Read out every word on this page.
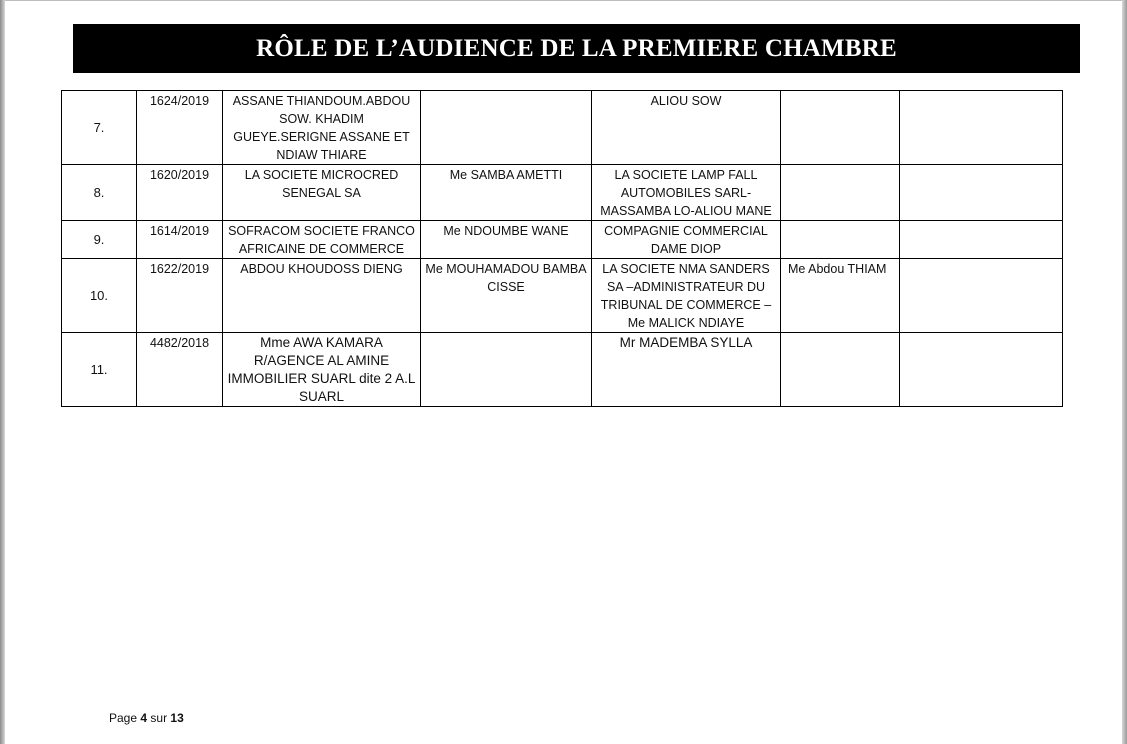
RÔLE DE L’AUDIENCE DE LA PREMIERE CHAMBRE
7.	1624/2019	ASSANE THIANDOUM.ABDOU SOW. KHADIM GUEYE.SERIGNE ASSANE ET NDIAW THIARE		ALIOU SOW		
8.	1620/2019	LA SOCIETE MICROCRED SENEGAL SA	Me SAMBA AMETTI	LA SOCIETE LAMP FALL AUTOMOBILES SARL-MASSAMBA LO-ALIOU MANE		
9.	1614/2019	SOFRACOM SOCIETE FRANCO AFRICAINE DE COMMERCE	Me NDOUMBE WANE	COMPAGNIE COMMERCIAL DAME DIOP		
10.	1622/2019	ABDOU KHOUDOSS DIENG	Me MOUHAMADOU BAMBA CISSE	LA SOCIETE NMA SANDERS SA –ADMINISTRATEUR DU TRIBUNAL DE COMMERCE – Me MALICK NDIAYE	Me Abdou THIAM	
11.	4482/2018	Mme AWA KAMARA R/AGENCE AL AMINE IMMOBILIER SUARL dite 2 A.L SUARL		Mr MADEMBA SYLLA		
Page 4 sur 13
